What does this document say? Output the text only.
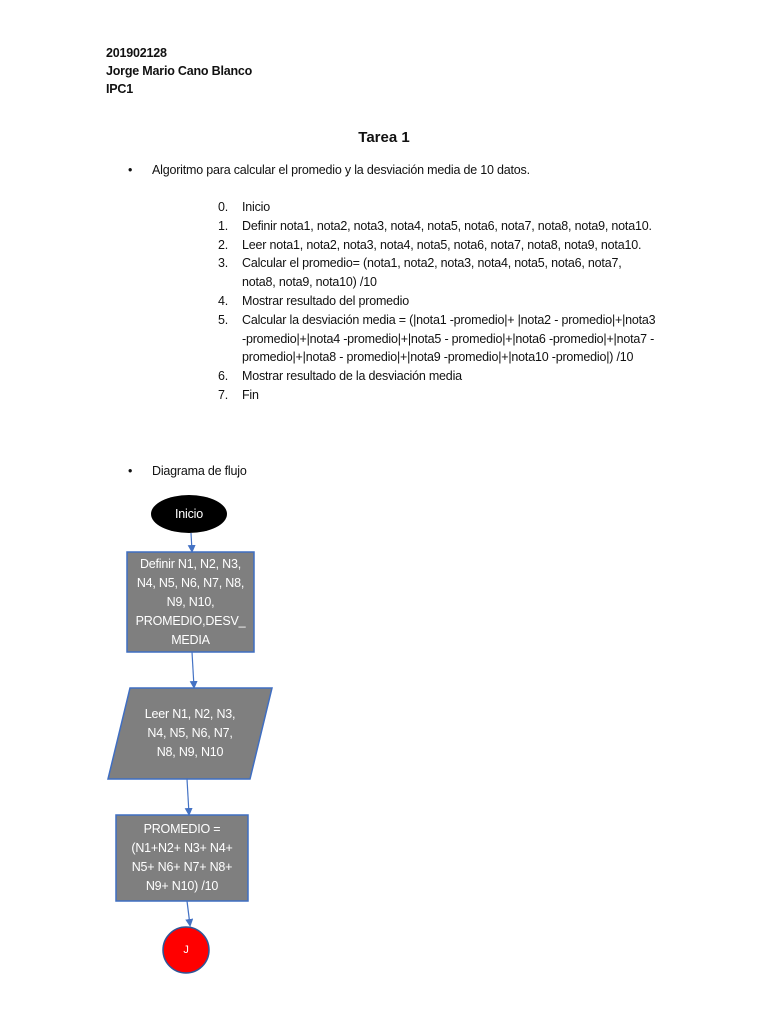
201902128
Jorge Mario Cano Blanco
IPC1
Tarea 1
• Algoritmo para calcular el promedio y la desviación media de 10 datos.
0. Inicio
1. Definir nota1, nota2, nota3, nota4, nota5, nota6, nota7, nota8, nota9, nota10.
2. Leer nota1, nota2, nota3, nota4, nota5, nota6, nota7, nota8, nota9, nota10.
3. Calcular el promedio= (nota1, nota2, nota3, nota4, nota5, nota6, nota7, nota8, nota9, nota10) /10
4. Mostrar resultado del promedio
5. Calcular la desviación media = (|nota1 -promedio|+ |nota2 - promedio|+|nota3 -promedio|+|nota4 -promedio|+|nota5 - promedio|+|nota6 -promedio|+|nota7 -promedio|+|nota8 - promedio|+|nota9 -promedio|+|nota10 -promedio|) /10
6. Mostrar resultado de la desviación media
7. Fin
• Diagrama de flujo
Inicio
Definir N1, N2, N3, N4, N5, N6, N7, N8, N9, N10, PROMEDIO,DESV_ MEDIA
Leer N1, N2, N3, N4, N5, N6, N7, N8, N9, N10
PROMEDIO = (N1+N2+ N3+ N4+ N5+ N6+ N7+ N8+ N9+ N10) /10
J
